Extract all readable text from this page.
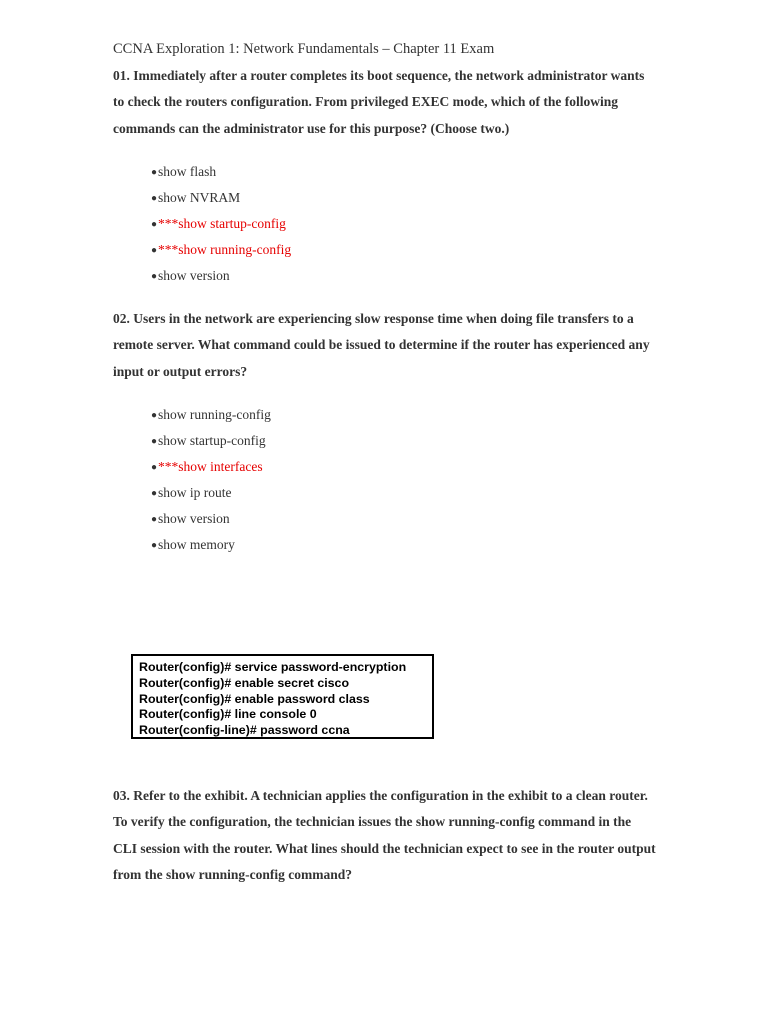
CCNA Exploration 1: Network Fundamentals – Chapter 11 Exam
01. Immediately after a router completes its boot sequence, the network administrator wants
to check the routers configuration. From privileged EXEC mode, which of the following
commands can the administrator use for this purpose? (Choose two.)
●show flash
●show NVRAM
●***show startup-config
●***show running-config
●show version
02. Users in the network are experiencing slow response time when doing file transfers to a
remote server. What command could be issued to determine if the router has experienced any
input or output errors?
●show running-config
●show startup-config
●***show interfaces
●show ip route
●show version
●show memory
Router(config)# service password-encryption
Router(config)# enable secret cisco
Router(config)# enable password class
Router(config)# line console 0
Router(config-line)# password ccna
03. Refer to the exhibit. A technician applies the configuration in the exhibit to a clean router.
To verify the configuration, the technician issues the show running-config command in the
CLI session with the router. What lines should the technician expect to see in the router output
from the show running-config command?
